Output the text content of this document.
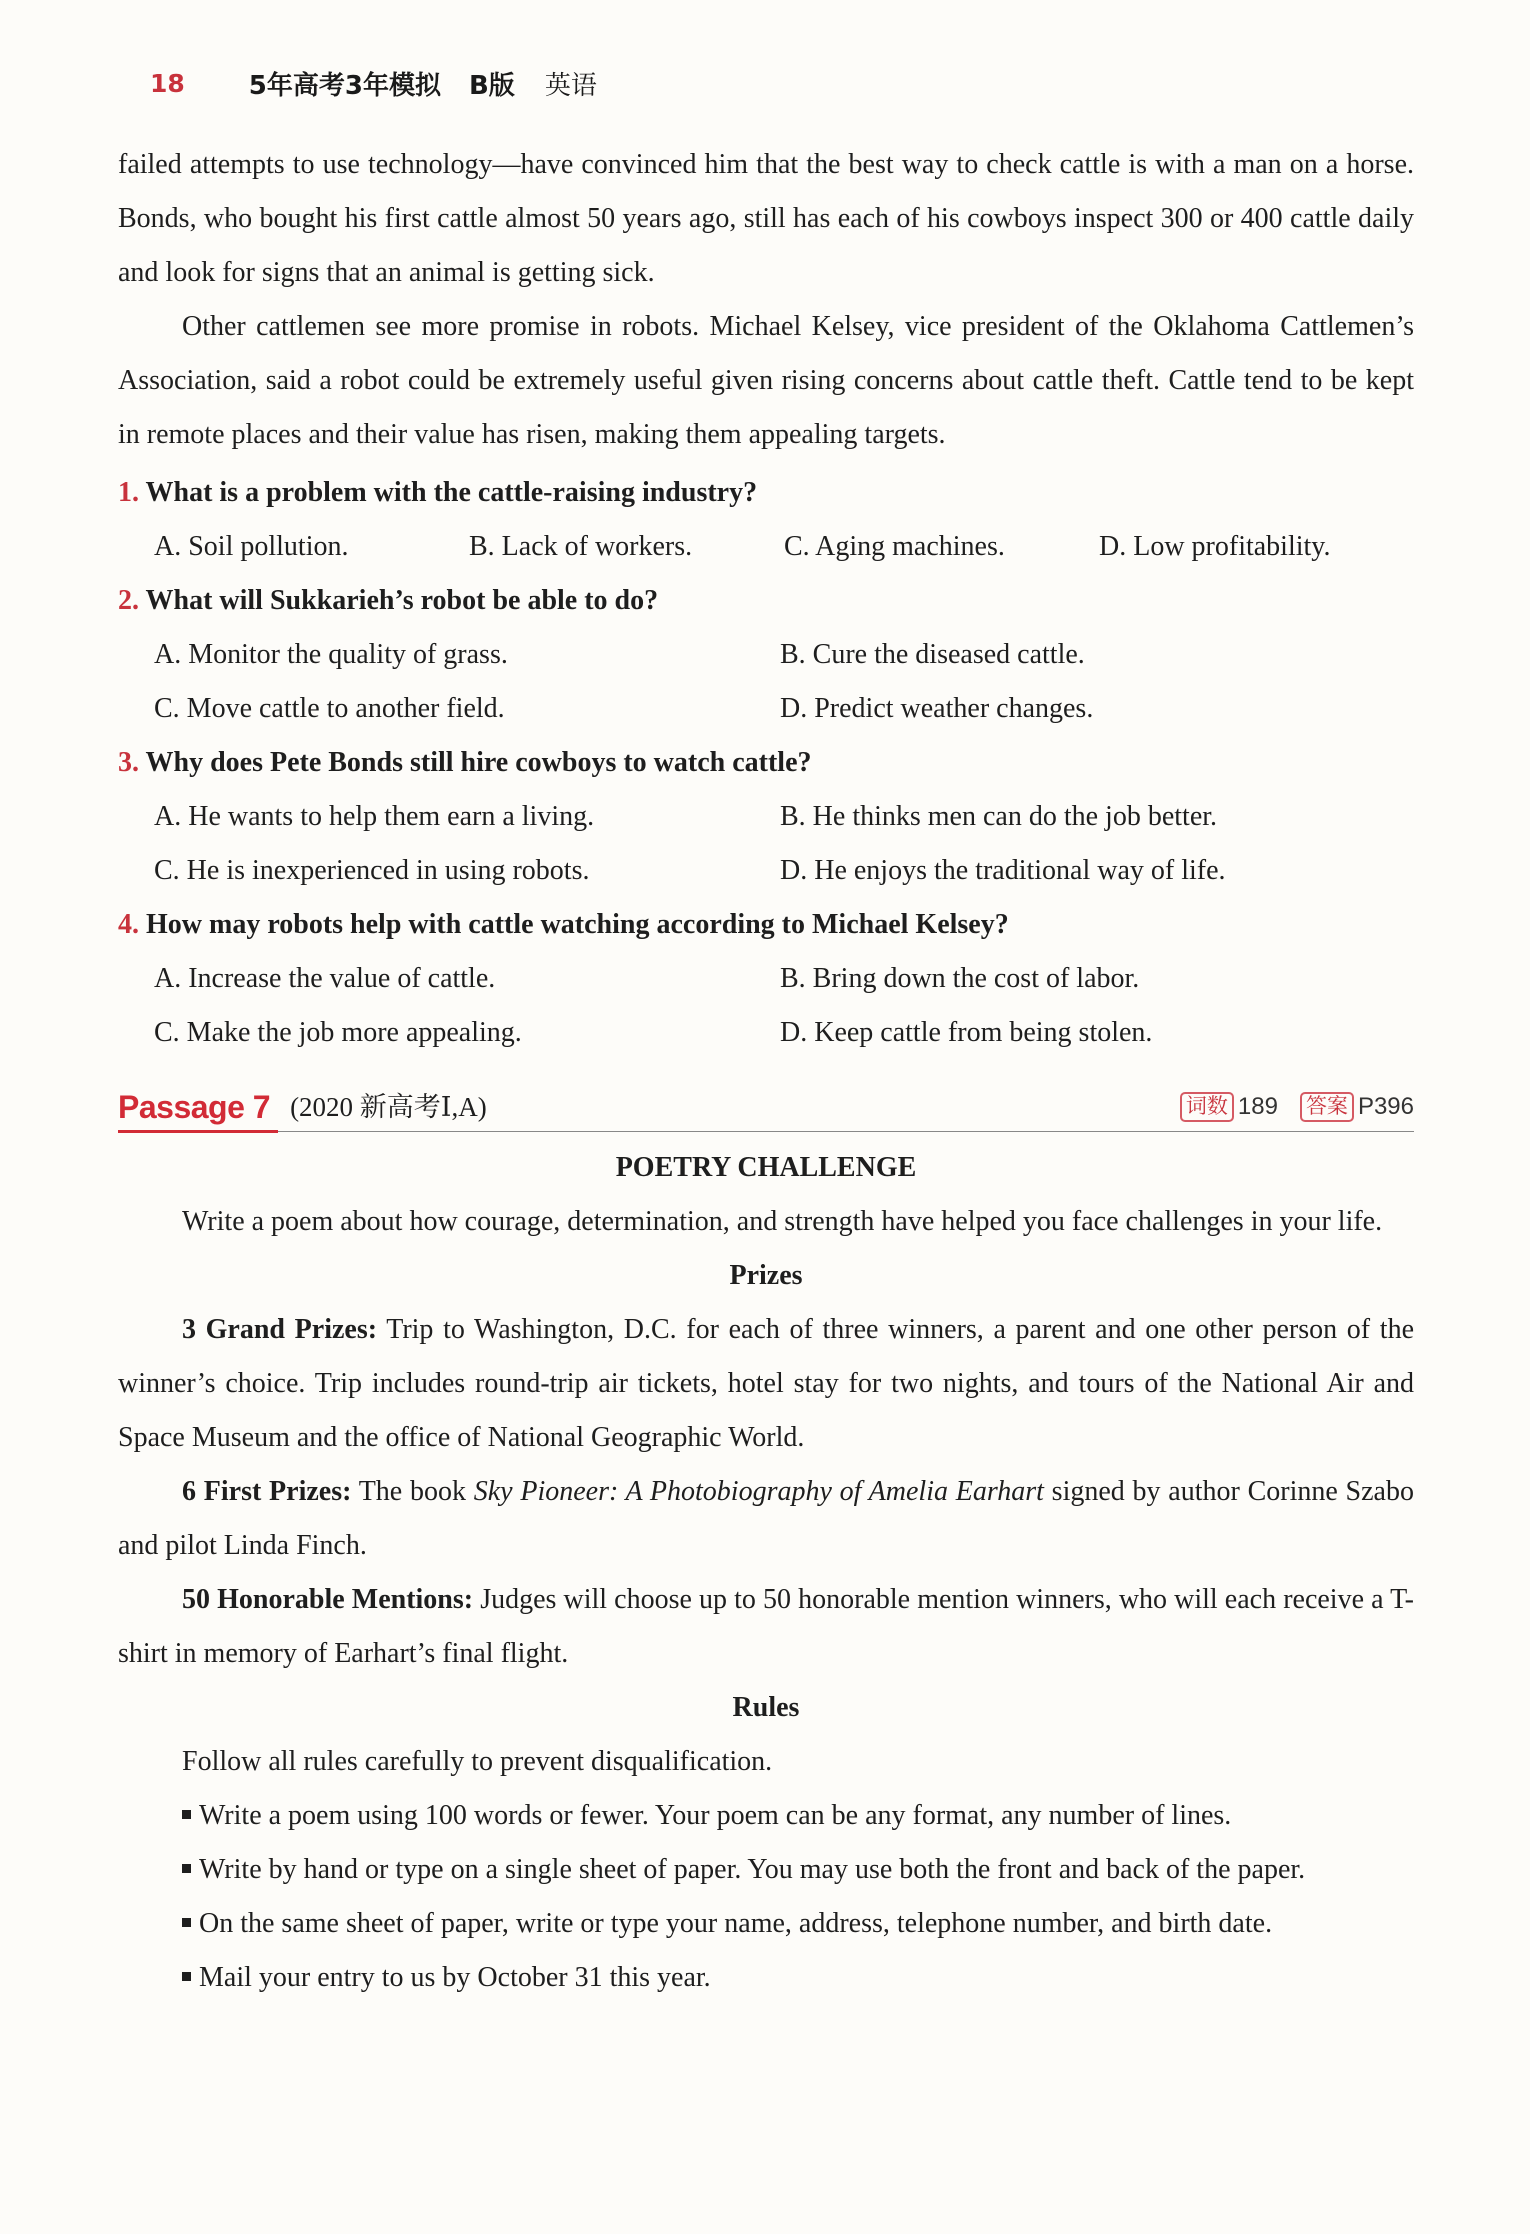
18 5年高考3年模拟 B版 英语

failed attempts to use technology—have convinced him that the best way to check cattle is with a man on a horse. Bonds, who bought his first cattle almost 50 years ago, still has each of his cowboys inspect 300 or 400 cattle daily and look for signs that an animal is getting sick.

Other cattlemen see more promise in robots. Michael Kelsey, vice president of the Oklahoma Cattlemen’s Association, said a robot could be extremely useful given rising concerns about cattle theft. Cattle tend to be kept in remote places and their value has risen, making them appealing targets.

1. What is a problem with the cattle-raising industry?

A. Soil pollution.	B. Lack of workers.	C. Aging machines.	D. Low profitability.

2. What will Sukkarieh’s robot be able to do?

A. Monitor the quality of grass.	B. Cure the diseased cattle.
C. Move cattle to another field.	D. Predict weather changes.

3. Why does Pete Bonds still hire cowboys to watch cattle?

A. He wants to help them earn a living.	B. He thinks men can do the job better.
C. He is inexperienced in using robots.	D. He enjoys the traditional way of life.

4. How may robots help with cattle watching according to Michael Kelsey?

A. Increase the value of cattle.	B. Bring down the cost of labor.
C. Make the job more appealing.	D. Keep cattle from being stolen.
Passage 7 (2020 新高考Ⅰ,A)	词数 189 答案 P396

POETRY CHALLENGE

Write a poem about how courage, determination, and strength have helped you face challenges in your life.

Prizes

3 Grand Prizes: Trip to Washington, D.C. for each of three winners, a parent and one other person of the winner’s choice. Trip includes round-trip air tickets, hotel stay for two nights, and tours of the National Air and Space Museum and the office of National Geographic World.

6 First Prizes: The book Sky Pioneer: A Photobiography of Amelia Earhart signed by author Corinne Szabo and pilot Linda Finch.

50 Honorable Mentions: Judges will choose up to 50 honorable mention winners, who will each receive a T-shirt in memory of Earhart’s final flight.

Rules

Follow all rules carefully to prevent disqualification.

Write a poem using 100 words or fewer. Your poem can be any format, any number of lines.

Write by hand or type on a single sheet of paper. You may use both the front and back of the paper.

On the same sheet of paper, write or type your name, address, telephone number, and birth date.

Mail your entry to us by October 31 this year.
